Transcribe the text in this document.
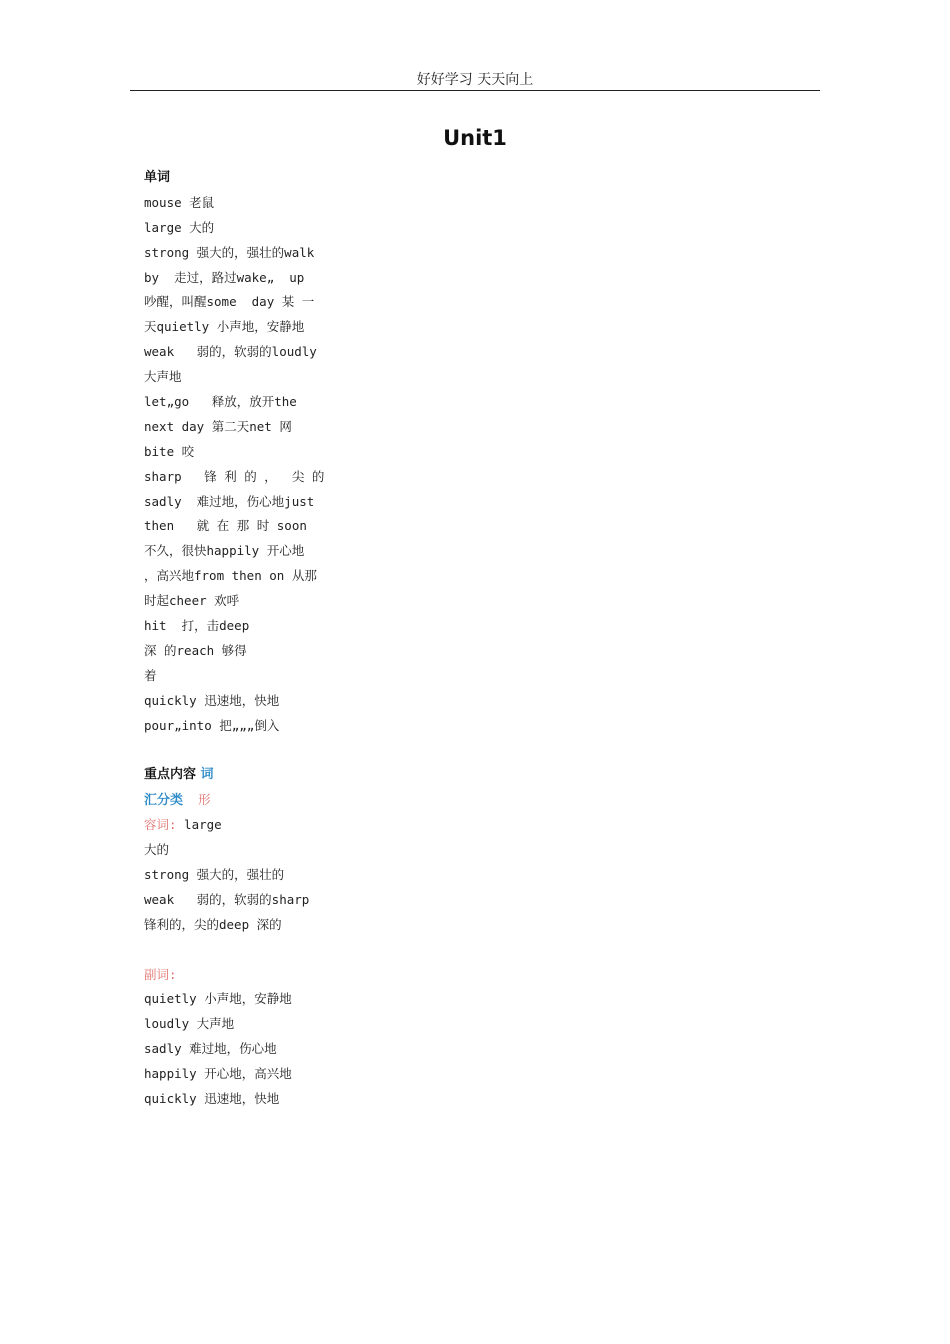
好好学习 天天向上
Unit1
单词
mouse 老鼠
large 大的
strong 强大的，强壮的walk
by  走过，路过wake„  up
吵醒，叫醒some  day 某 一
天quietly 小声地，安静地
weak   弱的，软弱的loudly
大声地
let„go   释放，放开the
next day 第二天net 网
bite 咬
sharp   锋 利 的 ，  尖 的
sadly  难过地，伤心地just
then   就 在 那 时 soon
不久，很快happily 开心地
，高兴地from then on 从那
时起cheer 欢呼
hit  打，击deep
深 的reach 够得
着
quickly 迅速地，快地
pour„into 把„„„倒入
重点内容 词
汇分类 形
容词: large
大的
strong 强大的，强壮的
weak   弱的，软弱的sharp
锋利的，尖的deep 深的
副词:
quietly 小声地，安静地
loudly 大声地
sadly 难过地，伤心地
happily 开心地，高兴地
quickly 迅速地，快地
